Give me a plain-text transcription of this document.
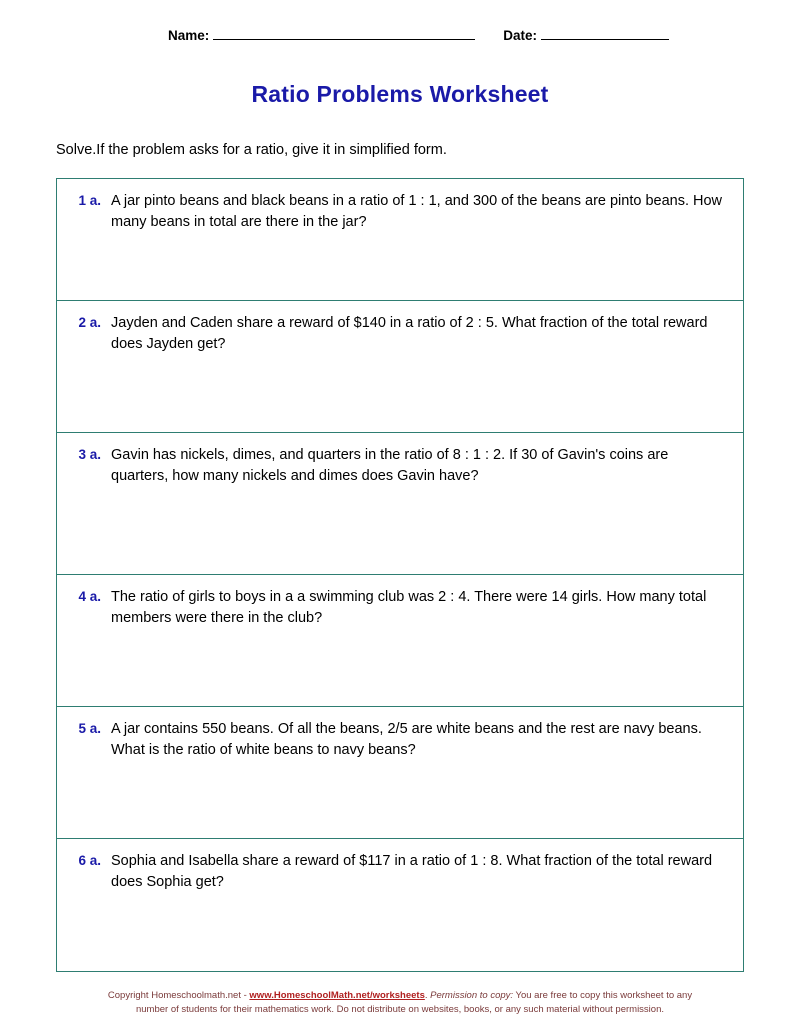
Name:	Date:
Ratio Problems Worksheet
Solve.If the problem asks for a ratio, give it in simplified form.
1 a. A jar pinto beans and black beans in a ratio of 1 : 1, and 300 of the beans are pinto beans. How many beans in total are there in the jar?
2 a. Jayden and Caden share a reward of $140 in a ratio of 2 : 5. What fraction of the total reward does Jayden get?
3 a. Gavin has nickels, dimes, and quarters in the ratio of 8 : 1 : 2. If 30 of Gavin's coins are quarters, how many nickels and dimes does Gavin have?
4 a. The ratio of girls to boys in a a swimming club was 2 : 4. There were 14 girls. How many total members were there in the club?
5 a. A jar contains 550 beans. Of all the beans, 2/5 are white beans and the rest are navy beans. What is the ratio of white beans to navy beans?
6 a. Sophia and Isabella share a reward of $117 in a ratio of 1 : 8. What fraction of the total reward does Sophia get?
Copyright Homeschoolmath.net - www.HomeschoolMath.net/worksheets. Permission to copy: You are free to copy this worksheet to any
number of students for their mathematics work. Do not distribute on websites, books, or any such material without permission.
